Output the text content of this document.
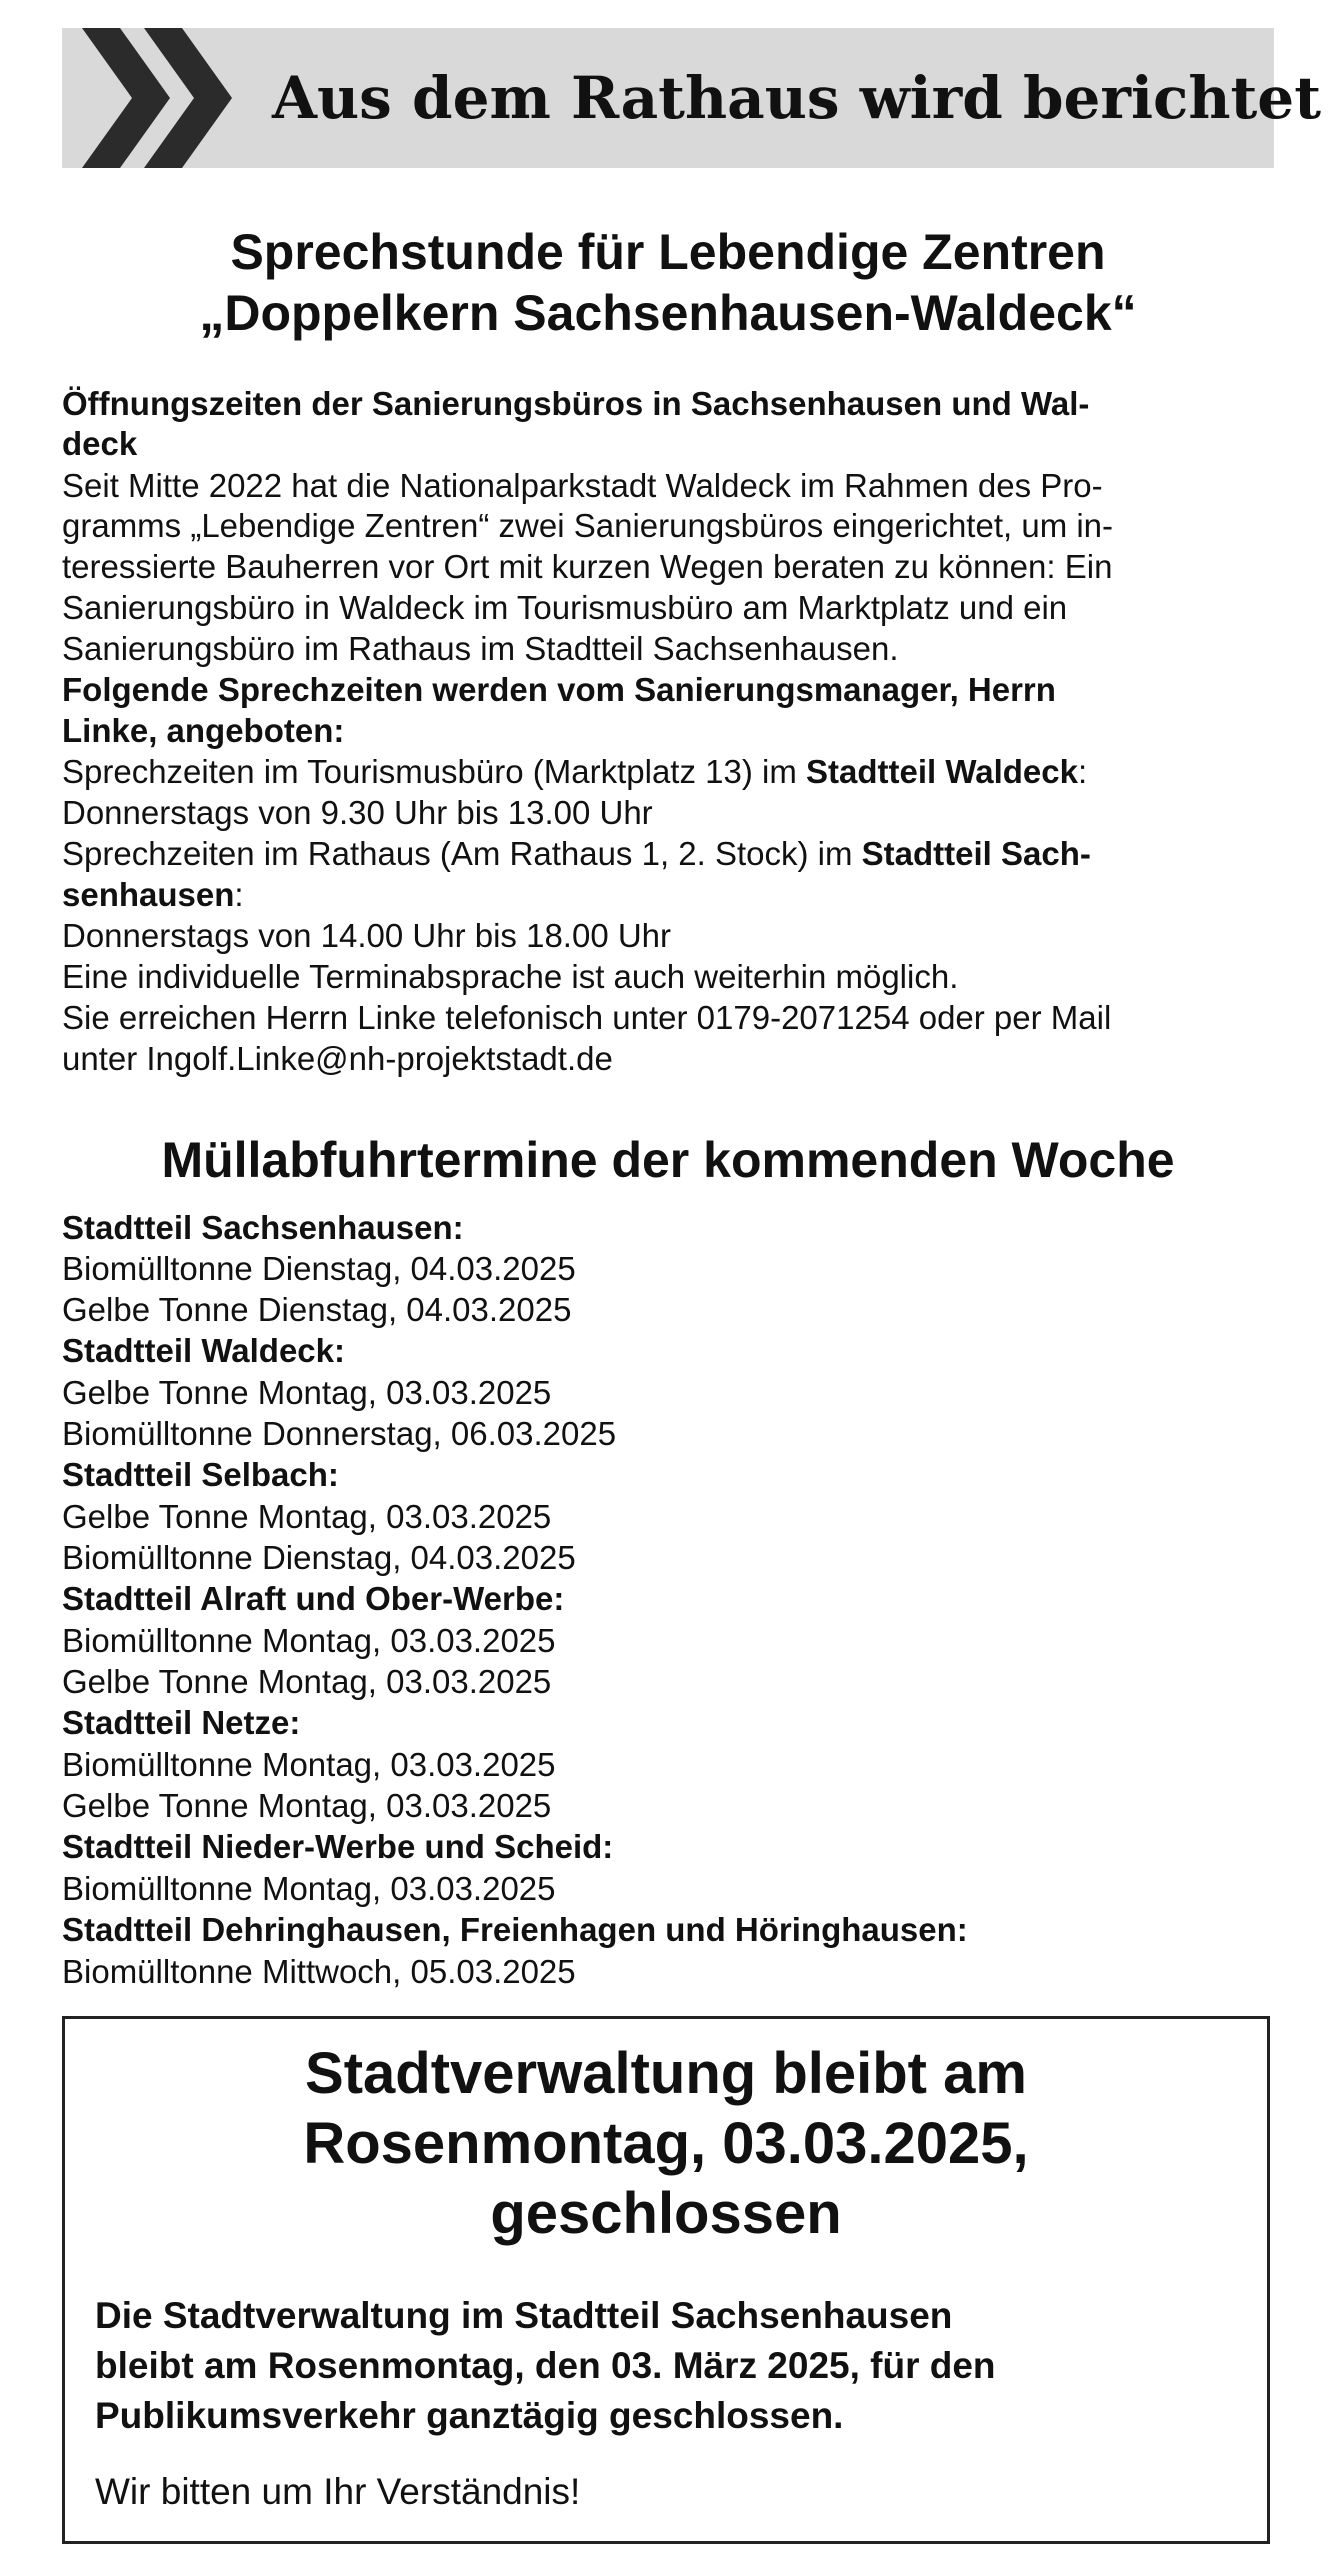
Aus dem Rathaus wird berichtet
Sprechstunde für Lebendige Zentren
„Doppelkern Sachsenhausen-Waldeck“
Öffnungszeiten der Sanierungsbüros in Sachsenhausen und Wal-
deck
Seit Mitte 2022 hat die Nationalparkstadt Waldeck im Rahmen des Pro-
gramms „Lebendige Zentren“ zwei Sanierungsbüros eingerichtet, um in-
teressierte Bauherren vor Ort mit kurzen Wegen beraten zu können: Ein
Sanierungsbüro in Waldeck im Tourismusbüro am Marktplatz und ein
Sanierungsbüro im Rathaus im Stadtteil Sachsenhausen.
Folgende Sprechzeiten werden vom Sanierungsmanager, Herrn
Linke, angeboten:
Sprechzeiten im Tourismusbüro (Marktplatz 13) im Stadtteil Waldeck:
Donnerstags von 9.30 Uhr bis 13.00 Uhr
Sprechzeiten im Rathaus (Am Rathaus 1, 2. Stock) im Stadtteil Sach-
senhausen:
Donnerstags von 14.00 Uhr bis 18.00 Uhr
Eine individuelle Terminabsprache ist auch weiterhin möglich.
Sie erreichen Herrn Linke telefonisch unter 0179-2071254 oder per Mail
unter Ingolf.Linke@nh-projektstadt.de
Müllabfuhrtermine der kommenden Woche
Stadtteil Sachsenhausen:
Biomülltonne Dienstag, 04.03.2025
Gelbe Tonne Dienstag, 04.03.2025
Stadtteil Waldeck:
Gelbe Tonne Montag, 03.03.2025
Biomülltonne Donnerstag, 06.03.2025
Stadtteil Selbach:
Gelbe Tonne Montag, 03.03.2025
Biomülltonne Dienstag, 04.03.2025
Stadtteil Alraft und Ober-Werbe:
Biomülltonne Montag, 03.03.2025
Gelbe Tonne Montag, 03.03.2025
Stadtteil Netze:
Biomülltonne Montag, 03.03.2025
Gelbe Tonne Montag, 03.03.2025
Stadtteil Nieder-Werbe und Scheid:
Biomülltonne Montag, 03.03.2025
Stadtteil Dehringhausen, Freienhagen und Höringhausen:
Biomülltonne Mittwoch, 05.03.2025
Stadtverwaltung bleibt am
Rosenmontag, 03.03.2025,
geschlossen
Die Stadtverwaltung im Stadtteil Sachsenhausen
bleibt am Rosenmontag, den 03. März 2025, für den
Publikumsverkehr ganztägig geschlossen.
Wir bitten um Ihr Verständnis!
